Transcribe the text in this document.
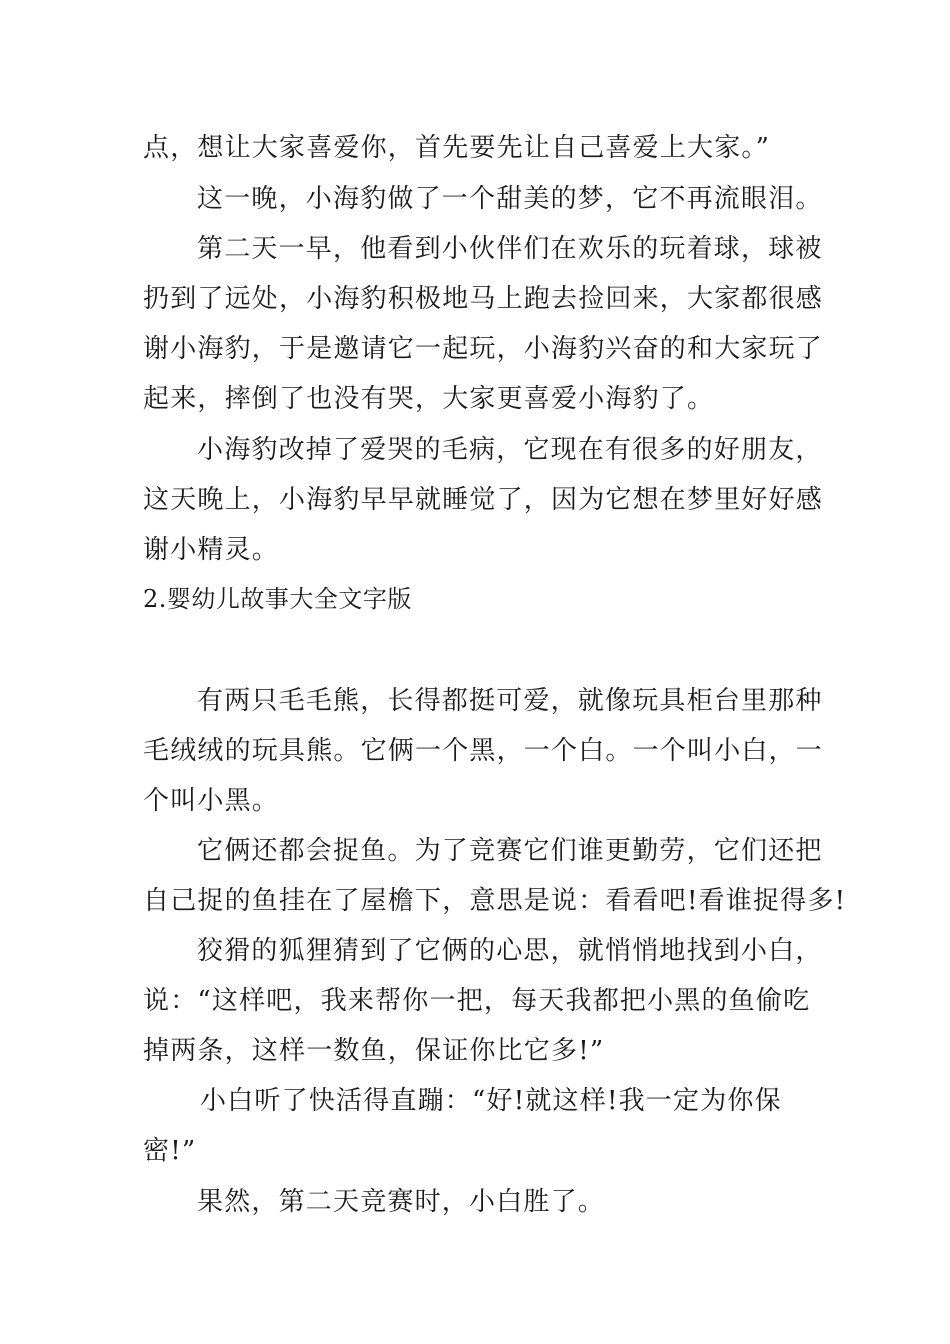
点，想让大家喜爱你，首先要先让自己喜爱上大家。”
这一晚，小海豹做了一个甜美的梦，它不再流眼泪。
第二天一早，他看到小伙伴们在欢乐的玩着球，球被
扔到了远处，小海豹积极地马上跑去捡回来，大家都很感
谢小海豹，于是邀请它一起玩，小海豹兴奋的和大家玩了
起来，摔倒了也没有哭，大家更喜爱小海豹了。
小海豹改掉了爱哭的毛病，它现在有很多的好朋友，
这天晚上，小海豹早早就睡觉了，因为它想在梦里好好感
谢小精灵。
2.婴幼儿故事大全文字版
有两只毛毛熊，长得都挺可爱，就像玩具柜台里那种
毛绒绒的玩具熊。它俩一个黑，一个白。一个叫小白，一
个叫小黑。
它俩还都会捉鱼。为了竞赛它们谁更勤劳，它们还把
自己捉的鱼挂在了屋檐下，意思是说：看看吧!看谁捉得多!
狡猾的狐狸猜到了它俩的心思，就悄悄地找到小白，
说：“这样吧，我来帮你一把，每天我都把小黑的鱼偷吃
掉两条，这样一数鱼，保证你比它多!”
小白听了快活得直蹦：“好!就这样!我一定为你保
密!”
果然，第二天竞赛时，小白胜了。
